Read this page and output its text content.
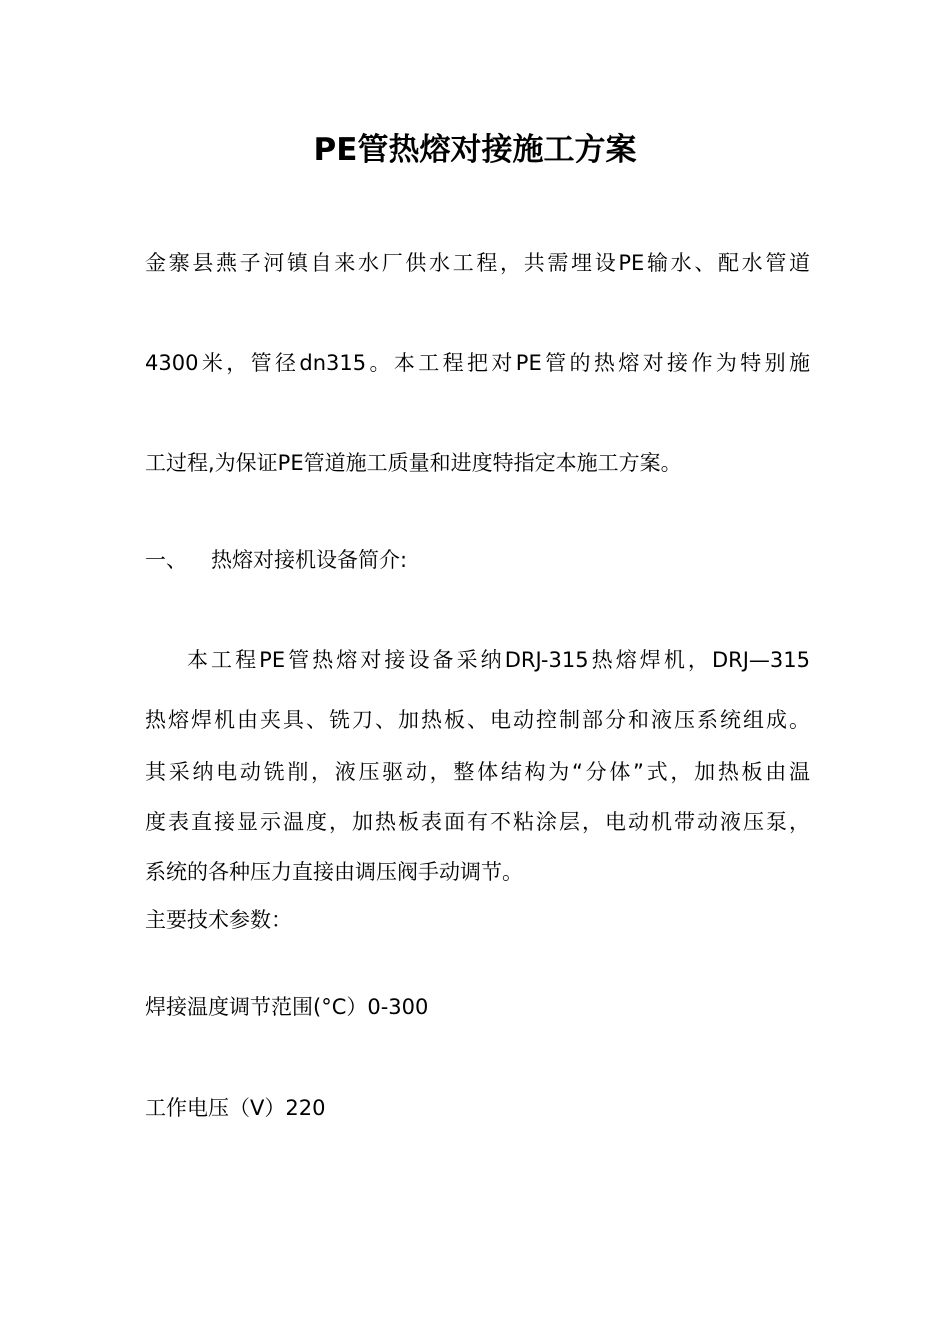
PE管热熔对接施工方案
金寨县燕子河镇自来水厂供水工程，共需埋设PE输水、配水管道
4300米，管径dn315。本工程把对PE管的热熔对接作为特别施
工过程,为保证PE管道施工质量和进度特指定本施工方案。
一、 热熔对接机设备简介:
本工程PE管热熔对接设备采纳DRJ-315热熔焊机，DRJ—315
热熔焊机由夹具、铣刀、加热板、电动控制部分和液压系统组成。
其采纳电动铣削，液压驱动，整体结构为“分体”式，加热板由温
度表直接显示温度，加热板表面有不粘涂层，电动机带动液压泵，
系统的各种压力直接由调压阀手动调节。
主要技术参数：
焊接温度调节范围(°C）0-300
工作电压（V）220
